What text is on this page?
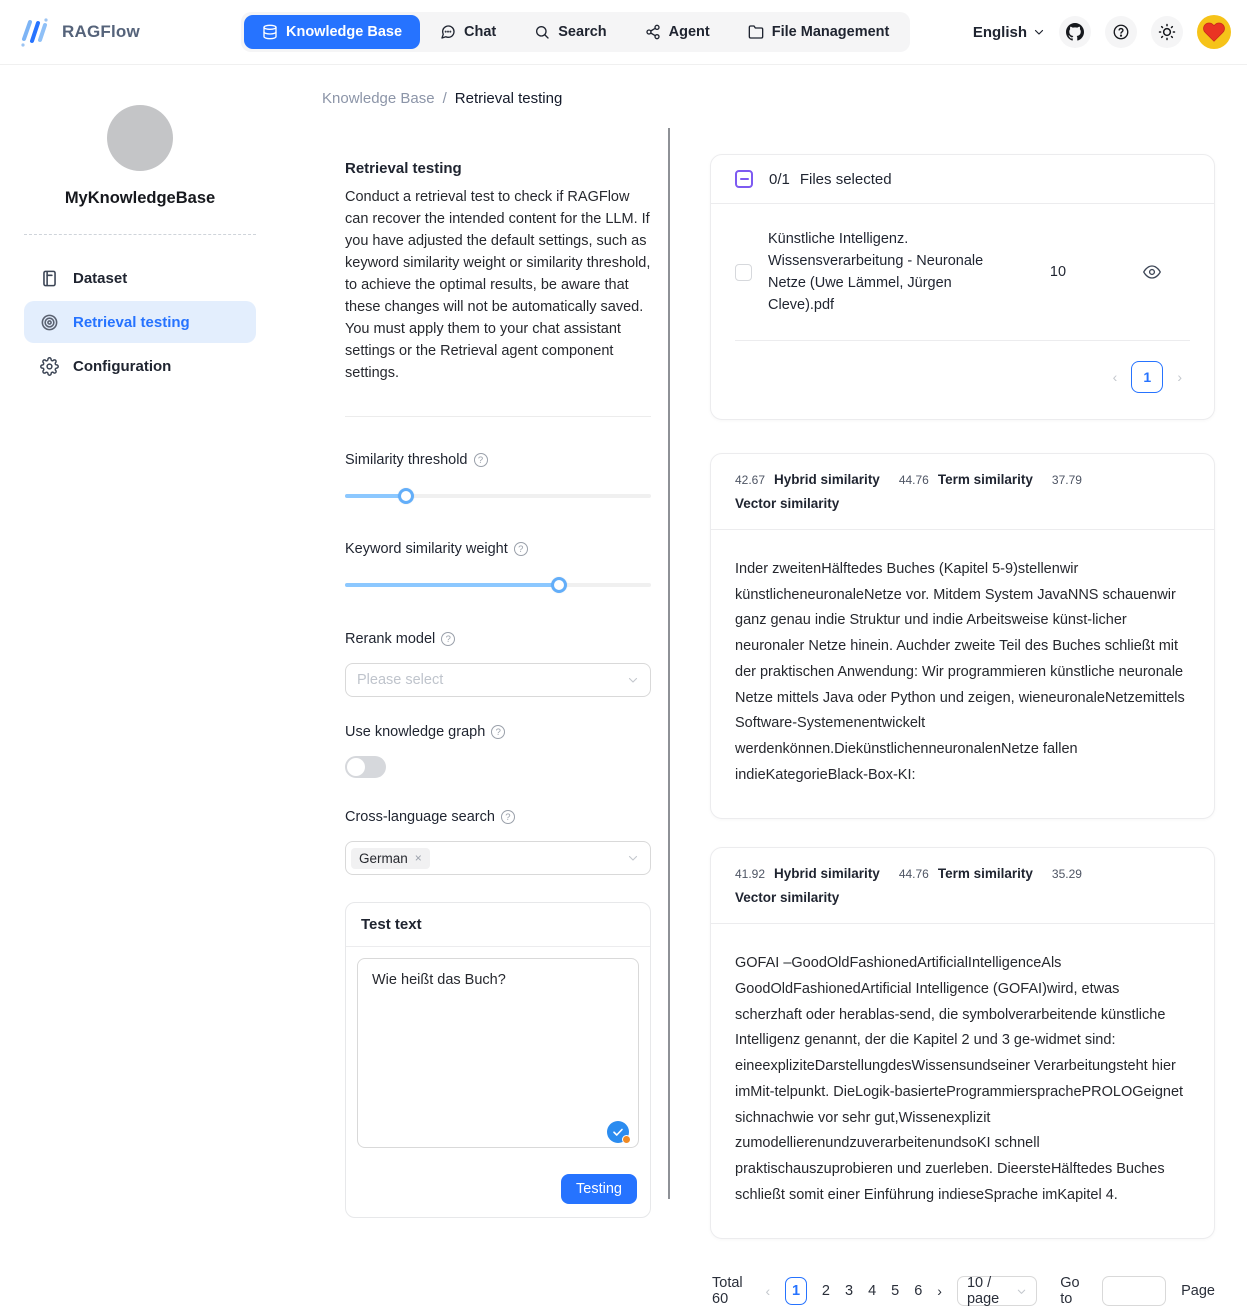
RAGFlow	Knowledge Base	Chat	Search	Agent	File Management	English
MyKnowledgeBase
Dataset
Retrieval testing
Configuration
Knowledge Base / Retrieval testing
Retrieval testing

Conduct a retrieval test to check if RAGFlow can recover the intended content for the LLM. If you have adjusted the default settings, such as keyword similarity weight or similarity threshold, to achieve the optimal results, be aware that these changes will not be automatically saved. You must apply them to your chat assistant settings or the Retrieval agent component settings.

Similarity threshold	?
Keyword similarity weight	?
Rerank model	?
Please select
Use knowledge graph	?
Cross-language search	?
German ×
Test text
Wie heißt das Buch?
Testing
0/1 Files selected
Künstliche Intelligenz. Wissensverarbeitung - Neuronale Netze (Uwe Lämmel, Jürgen Cleve).pdf
10
‹	1	›
42.67 Hybrid similarity 44.76 Term similarity 37.79
Vector similarity
Inder zweitenHälftedes Buches (Kapitel 5-9)stellenwir künstlicheneuronaleNetze vor. Mitdem System JavaNNS schauenwir ganz genau indie Struktur und indie Arbeitsweise künst-licher neuronaler Netze hinein. Auchder zweite Teil des Buches schließt mit der praktischen Anwendung: Wir programmieren künstliche neuronale Netze mittels Java oder Python und zeigen, wieneuronaleNetzemittels Software-Systemenentwickelt werdenkönnen.DiekünstlichenneuronalenNetze fallen indieKategorieBlack-Box-KI:
41.92 Hybrid similarity 44.76 Term similarity 35.29
Vector similarity
GOFAI –GoodOldFashionedArtificialIntelligenceAls GoodOldFashionedArtificial Intelligence (GOFAI)wird, etwas scherzhaft oder herablas-send, die symbolverarbeitende künstliche Intelligenz genannt, der die Kapitel 2 und 3 ge-widmet sind: eineexpliziteDarstellungdesWissensundseiner Verarbeitungsteht hier imMit-telpunkt. DieLogik-basierteProgrammiersprachePROLOGeignet sichnachwie vor sehr gut,Wissenexplizit zumodellierenundzuverarbeitenundsoKI schnell praktischauszuprobieren und zuerleben. DieersteHälftedes Buches schließt somit einer Einführung indieseSprache imKapitel 4.
Total 60	‹	1	2 3 4 5 6 › 10 / page
Go to	Page
